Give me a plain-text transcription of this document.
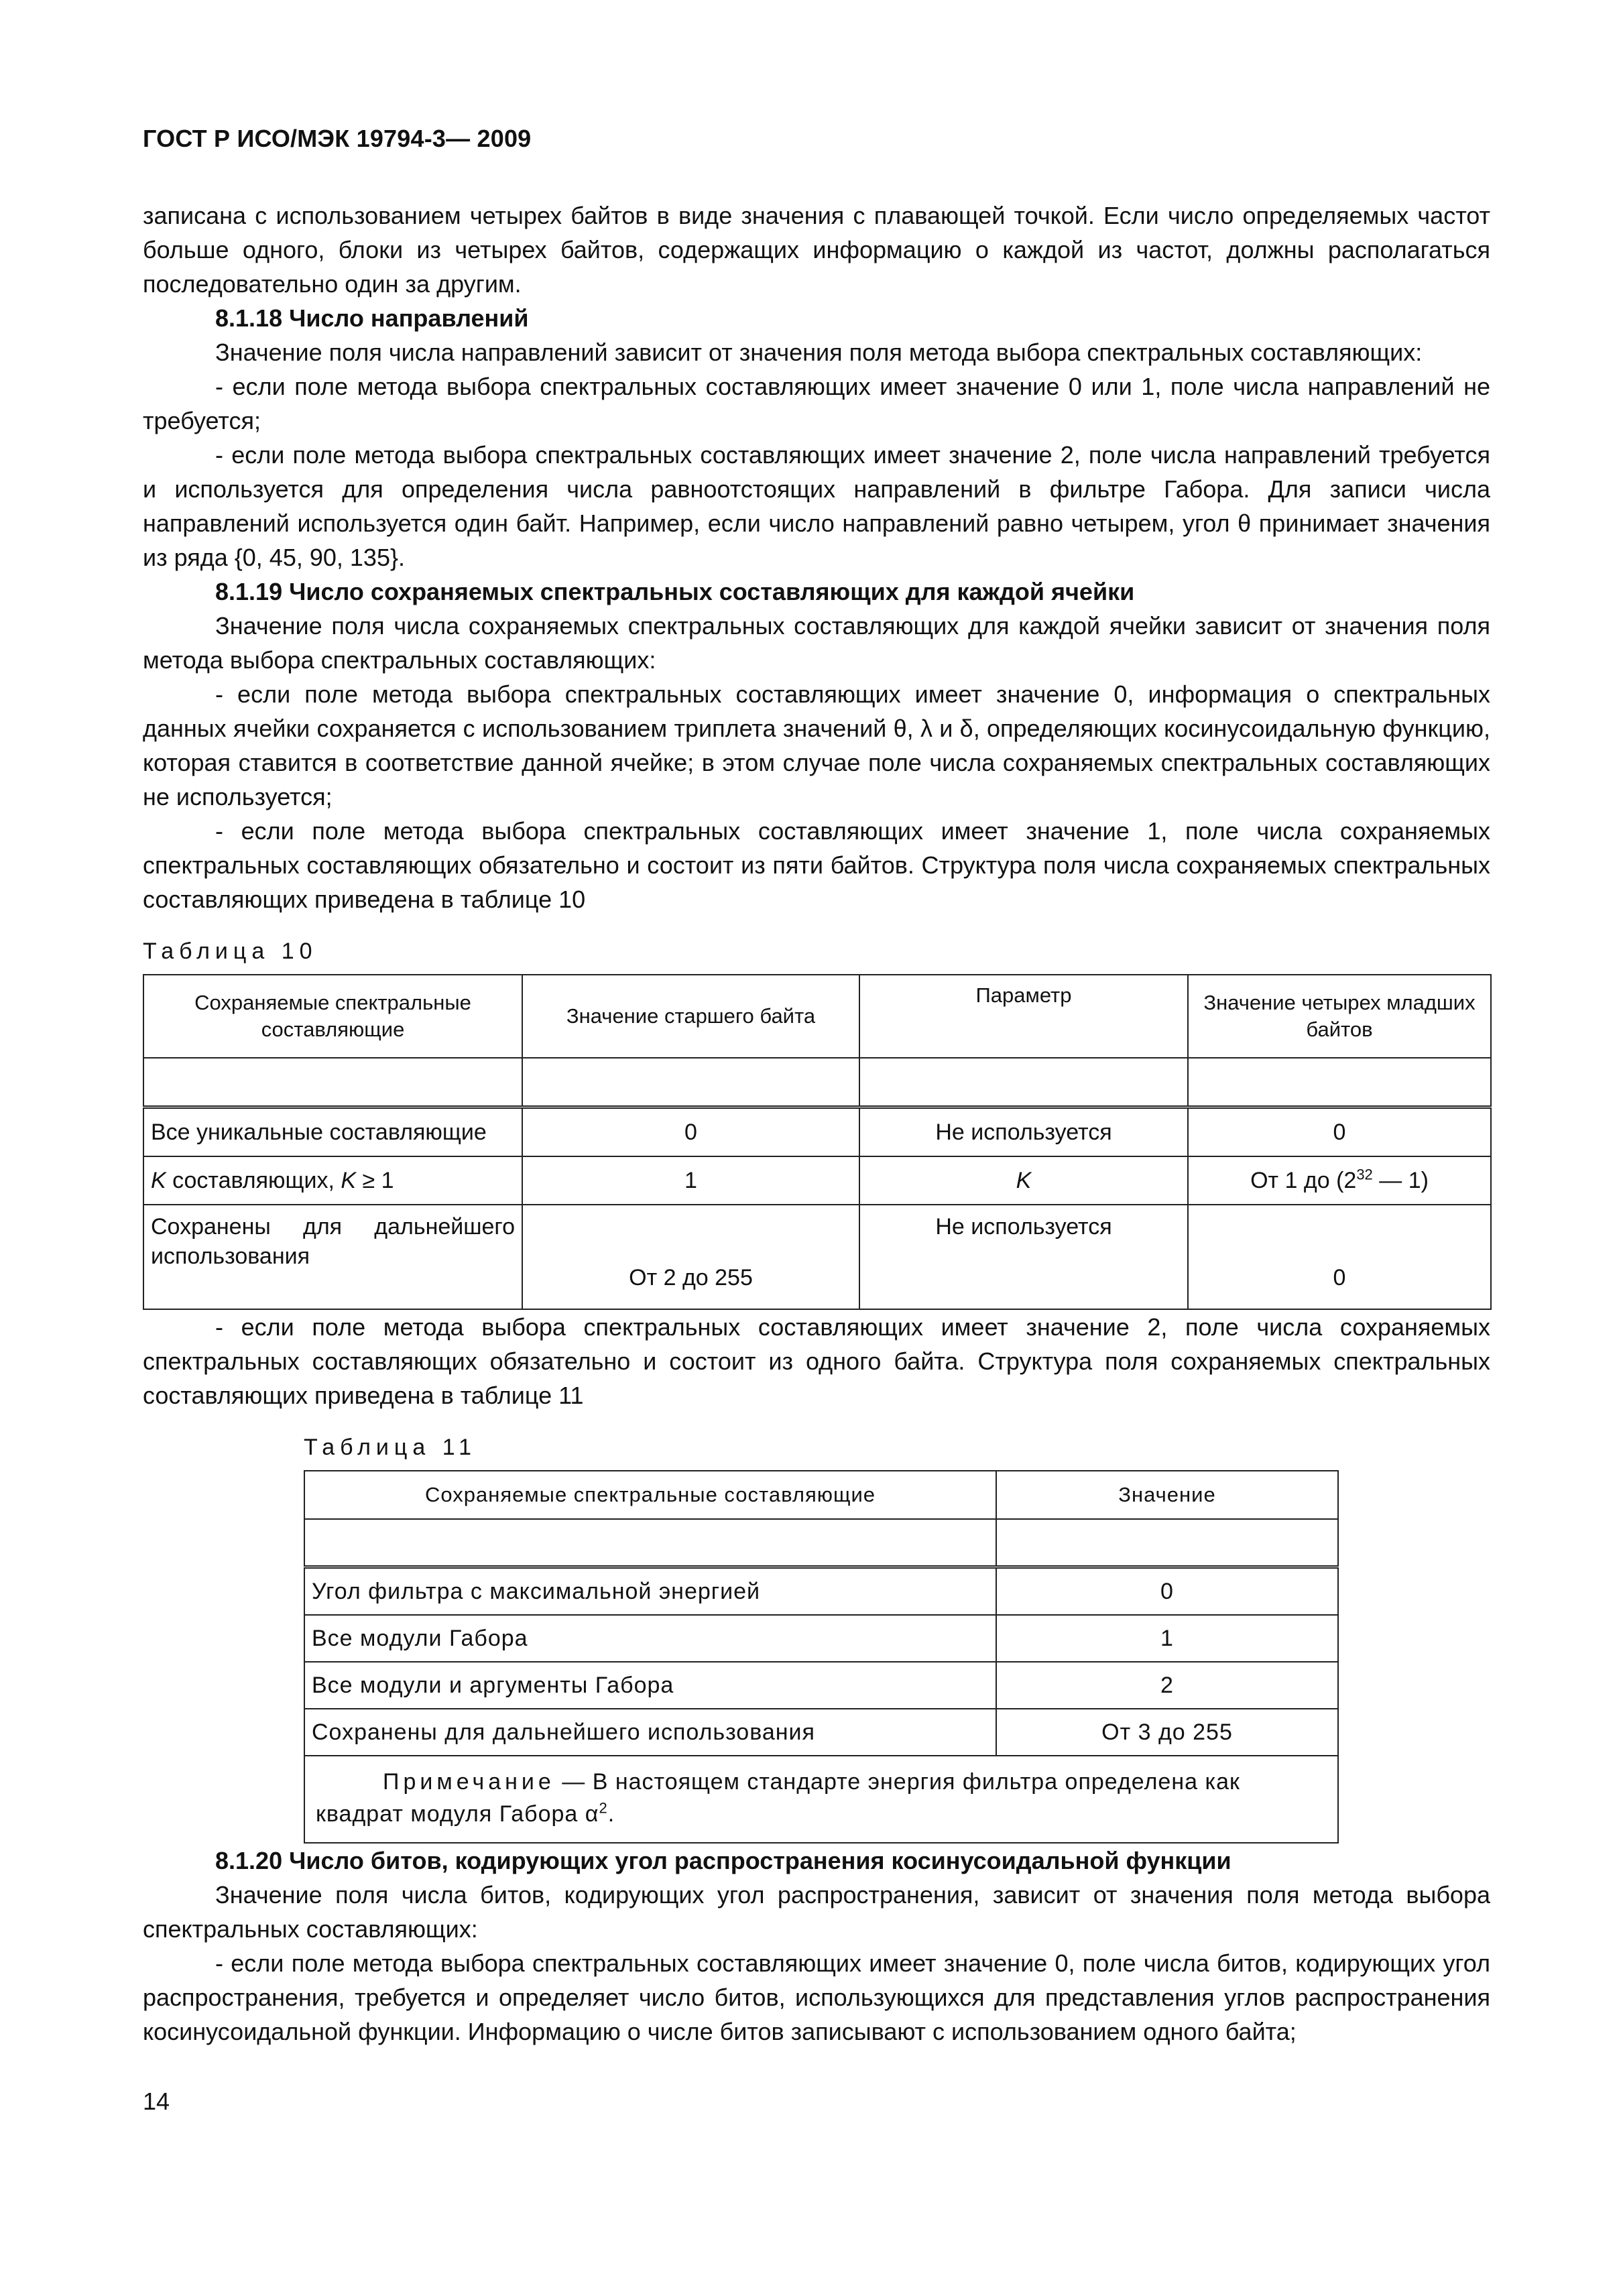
ГОСТ Р ИСО/МЭК 19794-3— 2009

записана с использованием четырех байтов в виде значения с плавающей точкой. Если число определяемых частот больше одного, блоки из четырех байтов, содержащих информацию о каждой из частот, должны располагаться последовательно один за другим.

8.1.18 Число направлений

Значение поля числа направлений зависит от значения поля метода выбора спектральных составляющих:

- если поле метода выбора спектральных составляющих имеет значение 0 или 1, поле числа направлений не требуется;

- если поле метода выбора спектральных составляющих имеет значение 2, поле числа направлений требуется и используется для определения числа равноотстоящих направлений в фильтре Габора. Для записи числа направлений используется один байт. Например, если число направлений равно четырем, угол θ принимает значения из ряда {0, 45, 90, 135}.

8.1.19 Число сохраняемых спектральных составляющих для каждой ячейки

Значение поля числа сохраняемых спектральных составляющих для каждой ячейки зависит от значения поля метода выбора спектральных составляющих:

- если поле метода выбора спектральных составляющих имеет значение 0, информация о спектральных данных ячейки сохраняется с использованием триплета значений θ, λ и δ, определяющих косинусоидальную функцию, которая ставится в соответствие данной ячейке; в этом случае поле числа сохраняемых спектральных составляющих не используется;

- если поле метода выбора спектральных составляющих имеет значение 1, поле числа сохраняемых спектральных составляющих обязательно и состоит из пяти байтов. Структура поля числа сохраняемых спектральных составляющих приведена в таблице 10

Таблица 10
Сохраняемые спектральные составляющие	Значение старшего байта	Параметр	Значение четырех младших байтов

Все уникальные составляющие	0	Не используется	0
K составляющих, K ≥ 1	1	K	От 1 до ($2^{32}$ — 1)
Сохранены для дальнейшего использования	От 2 до 255	Не используется	0

- если поле метода выбора спектральных составляющих имеет значение 2, поле числа сохраняемых спектральных составляющих обязательно и состоит из одного байта. Структура поля сохраняемых спектральных составляющих приведена в таблице 11

Таблица 11
Сохраняемые спектральные составляющие	Значение

Угол фильтра с максимальной энергией	0
Все модули Габора	1
Все модули и аргументы Габора	2
Сохранены для дальнейшего использования	От 3 до 255
Примечание — В настоящем стандарте энергия фильтра определена как квадрат модуля Габора $\alpha^2$.	
8.1.20 Число битов, кодирующих угол распространения косинусоидальной функции

Значение поля числа битов, кодирующих угол распространения, зависит от значения поля метода выбора спектральных составляющих:

- если поле метода выбора спектральных составляющих имеет значение 0, поле числа битов, кодирующих угол распространения, требуется и определяет число битов, использующихся для представления углов распространения косинусоидальной функции. Информацию о числе битов записывают с использованием одного байта;

14
